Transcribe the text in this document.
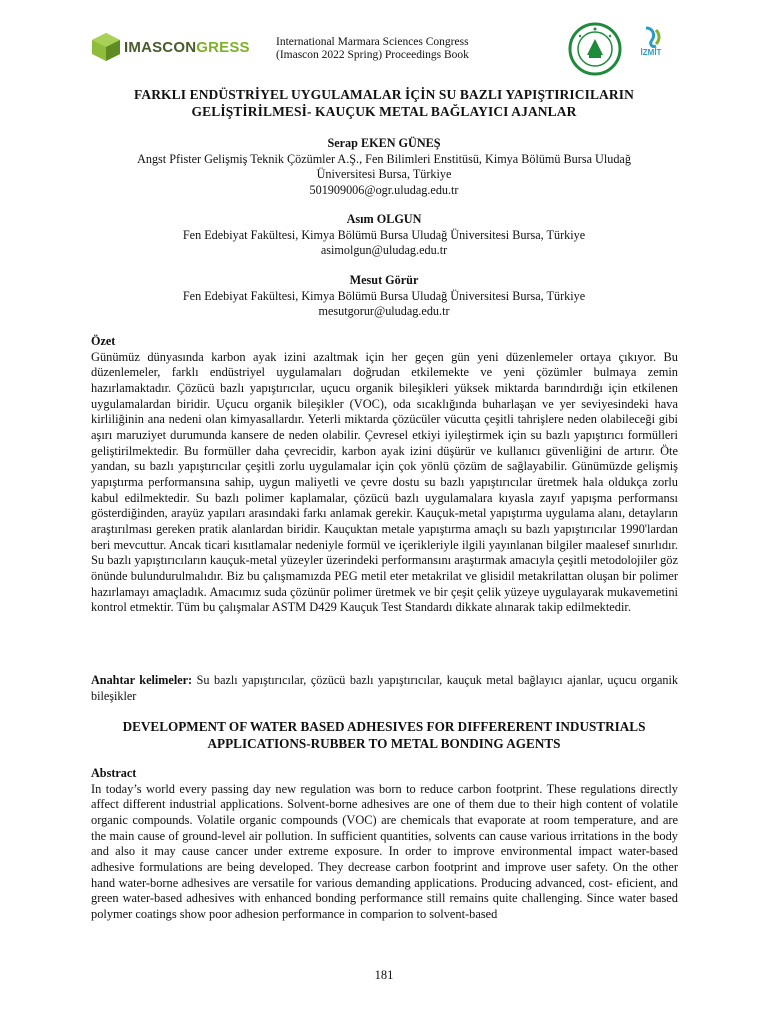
IMASCONGRESS International Marmara Sciences Congress
(Imascon 2022 Spring) Proceedings Book	İZMİT
FARKLI ENDÜSTRİYEL UYGULAMALAR İÇİN SU BAZLI YAPIŞTIRICILARIN
GELİŞTİRİLMESİ- KAUÇUK METAL BAĞLAYICI AJANLAR
Serap EKEN GÜNEŞ
Angst Pfister Gelişmiş Teknik Çözümler A.Ş., Fen Bilimleri Enstitüsü, Kimya Bölümü Bursa Uludağ
Üniversitesi Bursa, Türkiye
501909006@ogr.uludag.edu.tr
Asım OLGUN
Fen Edebiyat Fakültesi, Kimya Bölümü Bursa Uludağ Üniversitesi Bursa, Türkiye
asimolgun@uludag.edu.tr
Mesut Görür
Fen Edebiyat Fakültesi, Kimya Bölümü Bursa Uludağ Üniversitesi Bursa, Türkiye
mesutgorur@uludag.edu.tr
Özet
Günümüz dünyasında karbon ayak izini azaltmak için her geçen gün yeni düzenlemeler ortaya çıkıyor. Bu düzenlemeler, farklı endüstriyel uygulamaları doğrudan etkilemekte ve yeni çözümler bulmaya zemin hazırlamaktadır. Çözücü bazlı yapıştırıcılar, uçucu organik bileşikleri yüksek miktarda barındırdığı için etkilenen uygulamalardan biridir. Uçucu organik bileşikler (VOC), oda sıcaklığında buharlaşan ve yer seviyesindeki hava kirliliğinin ana nedeni olan kimyasallardır. Yeterli miktarda çözücüler vücutta çeşitli tahrişlere neden olabileceği gibi aşırı maruziyet durumunda kansere de neden olabilir. Çevresel etkiyi iyileştirmek için su bazlı yapıştırıcı formülleri geliştirilmektedir. Bu formüller daha çevrecidir, karbon ayak izini düşürür ve kullanıcı güvenliğini de artırır. Öte yandan, su bazlı yapıştırıcılar çeşitli zorlu uygulamalar için çok yönlü çözüm de sağlayabilir. Günümüzde gelişmiş yapıştırma performansına sahip, uygun maliyetli ve çevre dostu su bazlı yapıştırıcılar üretmek hala oldukça zorlu kabul edilmektedir. Su bazlı polimer kaplamalar, çözücü bazlı uygulamalara kıyasla zayıf yapışma performansı gösterdiğinden, arayüz yapıları arasındaki farkı anlamak gerekir. Kauçuk-metal yapıştırma uygulama alanı, detayların araştırılması gereken pratik alanlardan biridir. Kauçuktan metale yapıştırma amaçlı su bazlı yapıştırıcılar 1990'lardan beri mevcuttur. Ancak ticari kısıtlamalar nedeniyle formül ve içerikleriyle ilgili yayınlanan bilgiler maalesef sınırlıdır. Su bazlı yapıştırıcıların kauçuk-metal yüzeyler üzerindeki performansını araştırmak amacıyla çeşitli metodolojiler göz önünde bulundurulmalıdır. Biz bu çalışmamızda PEG metil eter metakrilat ve glisidil metakrilattan oluşan bir polimer hazırlamayı amaçladık. Amacımız suda çözünür polimer üretmek ve bir çeşit çelik yüzeye uygulayarak mukavemetini kontrol etmektir. Tüm bu çalışmalar ASTM D429 Kauçuk Test Standardı dikkate alınarak takip edilmektedir.
Anahtar kelimeler: Su bazlı yapıştırıcılar, çözücü bazlı yapıştırıcılar, kauçuk metal bağlayıcı ajanlar, uçucu organik bileşikler
DEVELOPMENT OF WATER BASED ADHESIVES FOR DIFFERERENT INDUSTRIALS
APPLICATIONS-RUBBER TO METAL BONDING AGENTS
Abstract
In today’s world every passing day new regulation was born to reduce carbon footprint. These regulations directly affect different industrial applications. Solvent-borne adhesives are one of them due to their high content of volatile organic compounds. Volatile organic compounds (VOC) are chemicals that evaporate at room temperature, and are the main cause of ground-level air pollution. In sufficient quantities, solvents can cause various irritations in the body and also it may cause cancer under extreme exposure. In order to improve environmental impact water-based adhesive formulations are being developed. They decrease carbon footprint and improve user safety. On the other hand water-borne adhesives are versatile for various demanding applications. Producing advanced, cost- eficient, and green water-based adhesives with enhanced bonding performance still remains quite challenging. Since water based polymer coatings show poor adhesion performance in comparion to solvent-based
181
